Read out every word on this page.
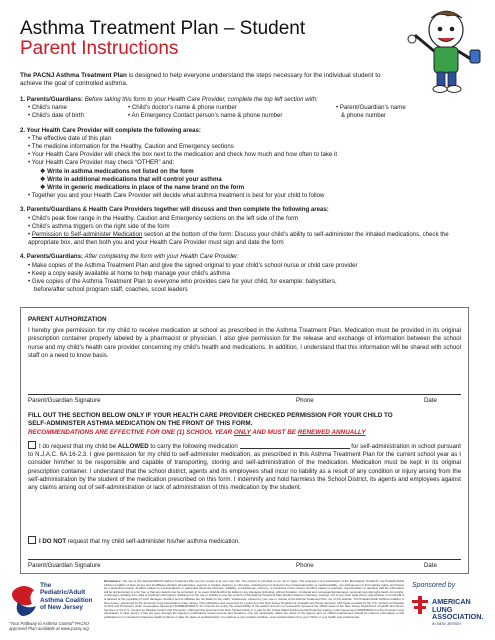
Asthma Treatment Plan – Student
Parent Instructions
The PACNJ Asthma Treatment Plan is designed to help everyone understand the steps necessary for the individual student to achieve the goal of controlled asthma.
1. Parents/Guardians: Before taking this form to your Health Care Provider, complete the top left section with:
• Child’s name
• Child’s date of birth
• Child’s doctor’s name & phone number
• An Emergency Contact person’s name & phone number
• Parent/Guardian’s name
& phone number
2. Your Health Care Provider will complete the following areas:
• The effective date of this plan
• The medicine information for the Healthy, Caution and Emergency sections
• Your Health Care Provider will check the box next to the medication and check how much and how often to take it
• Your Health Care Provider may check “OTHER” and:
❖ Write in asthma medications not listed on the form
❖ Write in additional medications that will control your asthma
❖ Write in generic medications in place of the name brand on the form
• Together you and your Health Care Provider will decide what asthma treatment is best for your child to follow
3. Parents/Guardians & Health Care Providers together will discuss and then complete the following areas:
• Child’s peak flow range in the Healthy, Caution and Emergency sections on the left side of the form
• Child’s asthma triggers on the right side of the form
• Permission to Self-administer Medication section at the bottom of the form: Discuss your child’s ability to self-administer the inhaled medications, check the appropriate box, and then both you and your Health Care Provider must sign and date the form
4. Parents/Guardians: After completing the form with your Health Care Provider:
• Make copies of the Asthma Treatment Plan and give the signed original to your child’s school nurse or child care provider
• Keep a copy easily available at home to help manage your child’s asthma
• Give copies of the Asthma Treatment Plan to everyone who provides care for your child, for example: babysitters,
before/after school program staff, coaches, scout leaders
PARENT AUTHORIZATION
I hereby give permission for my child to receive medication at school as prescribed in the Asthma Treatment Plan. Medication must be provided in its original prescription container properly labeled by a pharmacist or physician. I also give permission for the release and exchange of information between the school nurse and my child’s health care provider concerning my child’s health and medications. In addition, I understand that this information will be shared with school staff on a need to know basis.
Parent/Guardian Signature	Phone	Date
FILL OUT THE SECTION BELOW ONLY IF YOUR HEALTH CARE PROVIDER CHECKED PERMISSION FOR YOUR CHILD TO
SELF-ADMINISTER ASTHMA MEDICATION ON THE FRONT OF THIS FORM.
RECOMMENDATIONS ARE EFFECTIVE FOR ONE (1) SCHOOL YEAR ONLY AND MUST BE RENEWED ANNUALLY
I do request that my child be ALLOWED to carry the following medication	for self-administration in school pursuant to N.J.A.C. 6A:16-2.3. I give permission for my child to self-administer medication, as prescribed in this Asthma Treatment Plan for the current school year as I consider him/her to be responsible and capable of transporting, storing and self-administration of the medication. Medication must be kept in its original prescription container. I understand that the school district, agents and its employees shall incur no liability as a result of any condition or injury arising from the self-administration by the student of the medication prescribed on this form. I indemnify and hold harmless the School District, its agents and employees against any claims arising out of self-administration or lack of administration of this medication by the student.
I DO NOT request that my child self-administer his/her asthma medication.
Parent/Guardian Signature	Phone	Date
The Pediatric/Adult Asthma Coalition of New Jersey
“Your Pathway to Asthma Control” PACNJ approved Plan available at www.pacnj.org
Disclaimers: The use of this Website/PACNJ Asthma Treatment Plan and its content is at your own risk. The content is provided on an “as is” basis. The American Lung Association of the Mid-Atlantic (ALAM-A), the Pediatric/Adult Asthma Coalition of New Jersey and all affiliates disclaim all warranties, express or implied, statutory or otherwise, including but not limited to the implied warranties or merchantability, non-infringement of third parties’ rights, and fitness for a particular purpose. ALAM-A makes no representations or warranties about the accuracy, reliability, completeness, currency, or timeliness of the content. ALAM-A makes no warranty, representation or guaranty that the information will be uninterrupted or error free or that any defects can be corrected. In no event shall ALAM-A be liable for any damages (including, without limitation, incidental and consequential damages, personal injury/wrongful death, lost profits, or damages resulting from data or business interruption) resulting from the use or inability to use the content of this Asthma Treatment Plan whether based on warranty, contract, tort or any other legal theory, and whether or not ALAM-A is advised of the possibility of such damages. ALAM-A and its affiliates are not liable for any claim, whatsoever, caused by your use or misuse of the Asthma Treatment Plan, nor of this website. The Pediatric/Adult Asthma Coalition of New Jersey, sponsored by the American Lung Association in New Jersey. This publication was supported by a grant from the New Jersey Department of Health and Senior Services, with funds provided by the U.S. Centers for Disease Control and Prevention under Cooperative Agreement 5U59EH000491-5. Its contents are solely the responsibility of the authors and do not necessarily represent the official views of the New Jersey Department of Health and Senior Services or the U.S. Centers for Disease Control and Prevention. Although this document has been funded wholly or in part by the United States Environmental Protection Agency under Agreement XA96296601-2 to the American Lung Association in New Jersey, it has not gone through the Agency’s publications review process and therefore, may not necessarily reflect the views of the Agency and no official endorsement should be inferred. Information in this publication is not intended to diagnose health problems or take the place of medical advice. For asthma or any medical condition, seek medical advice from your child’s or your health care professional.
Sponsored by
AMERICAN
LUNG
ASSOCIATION.
IN NEW JERSEY
